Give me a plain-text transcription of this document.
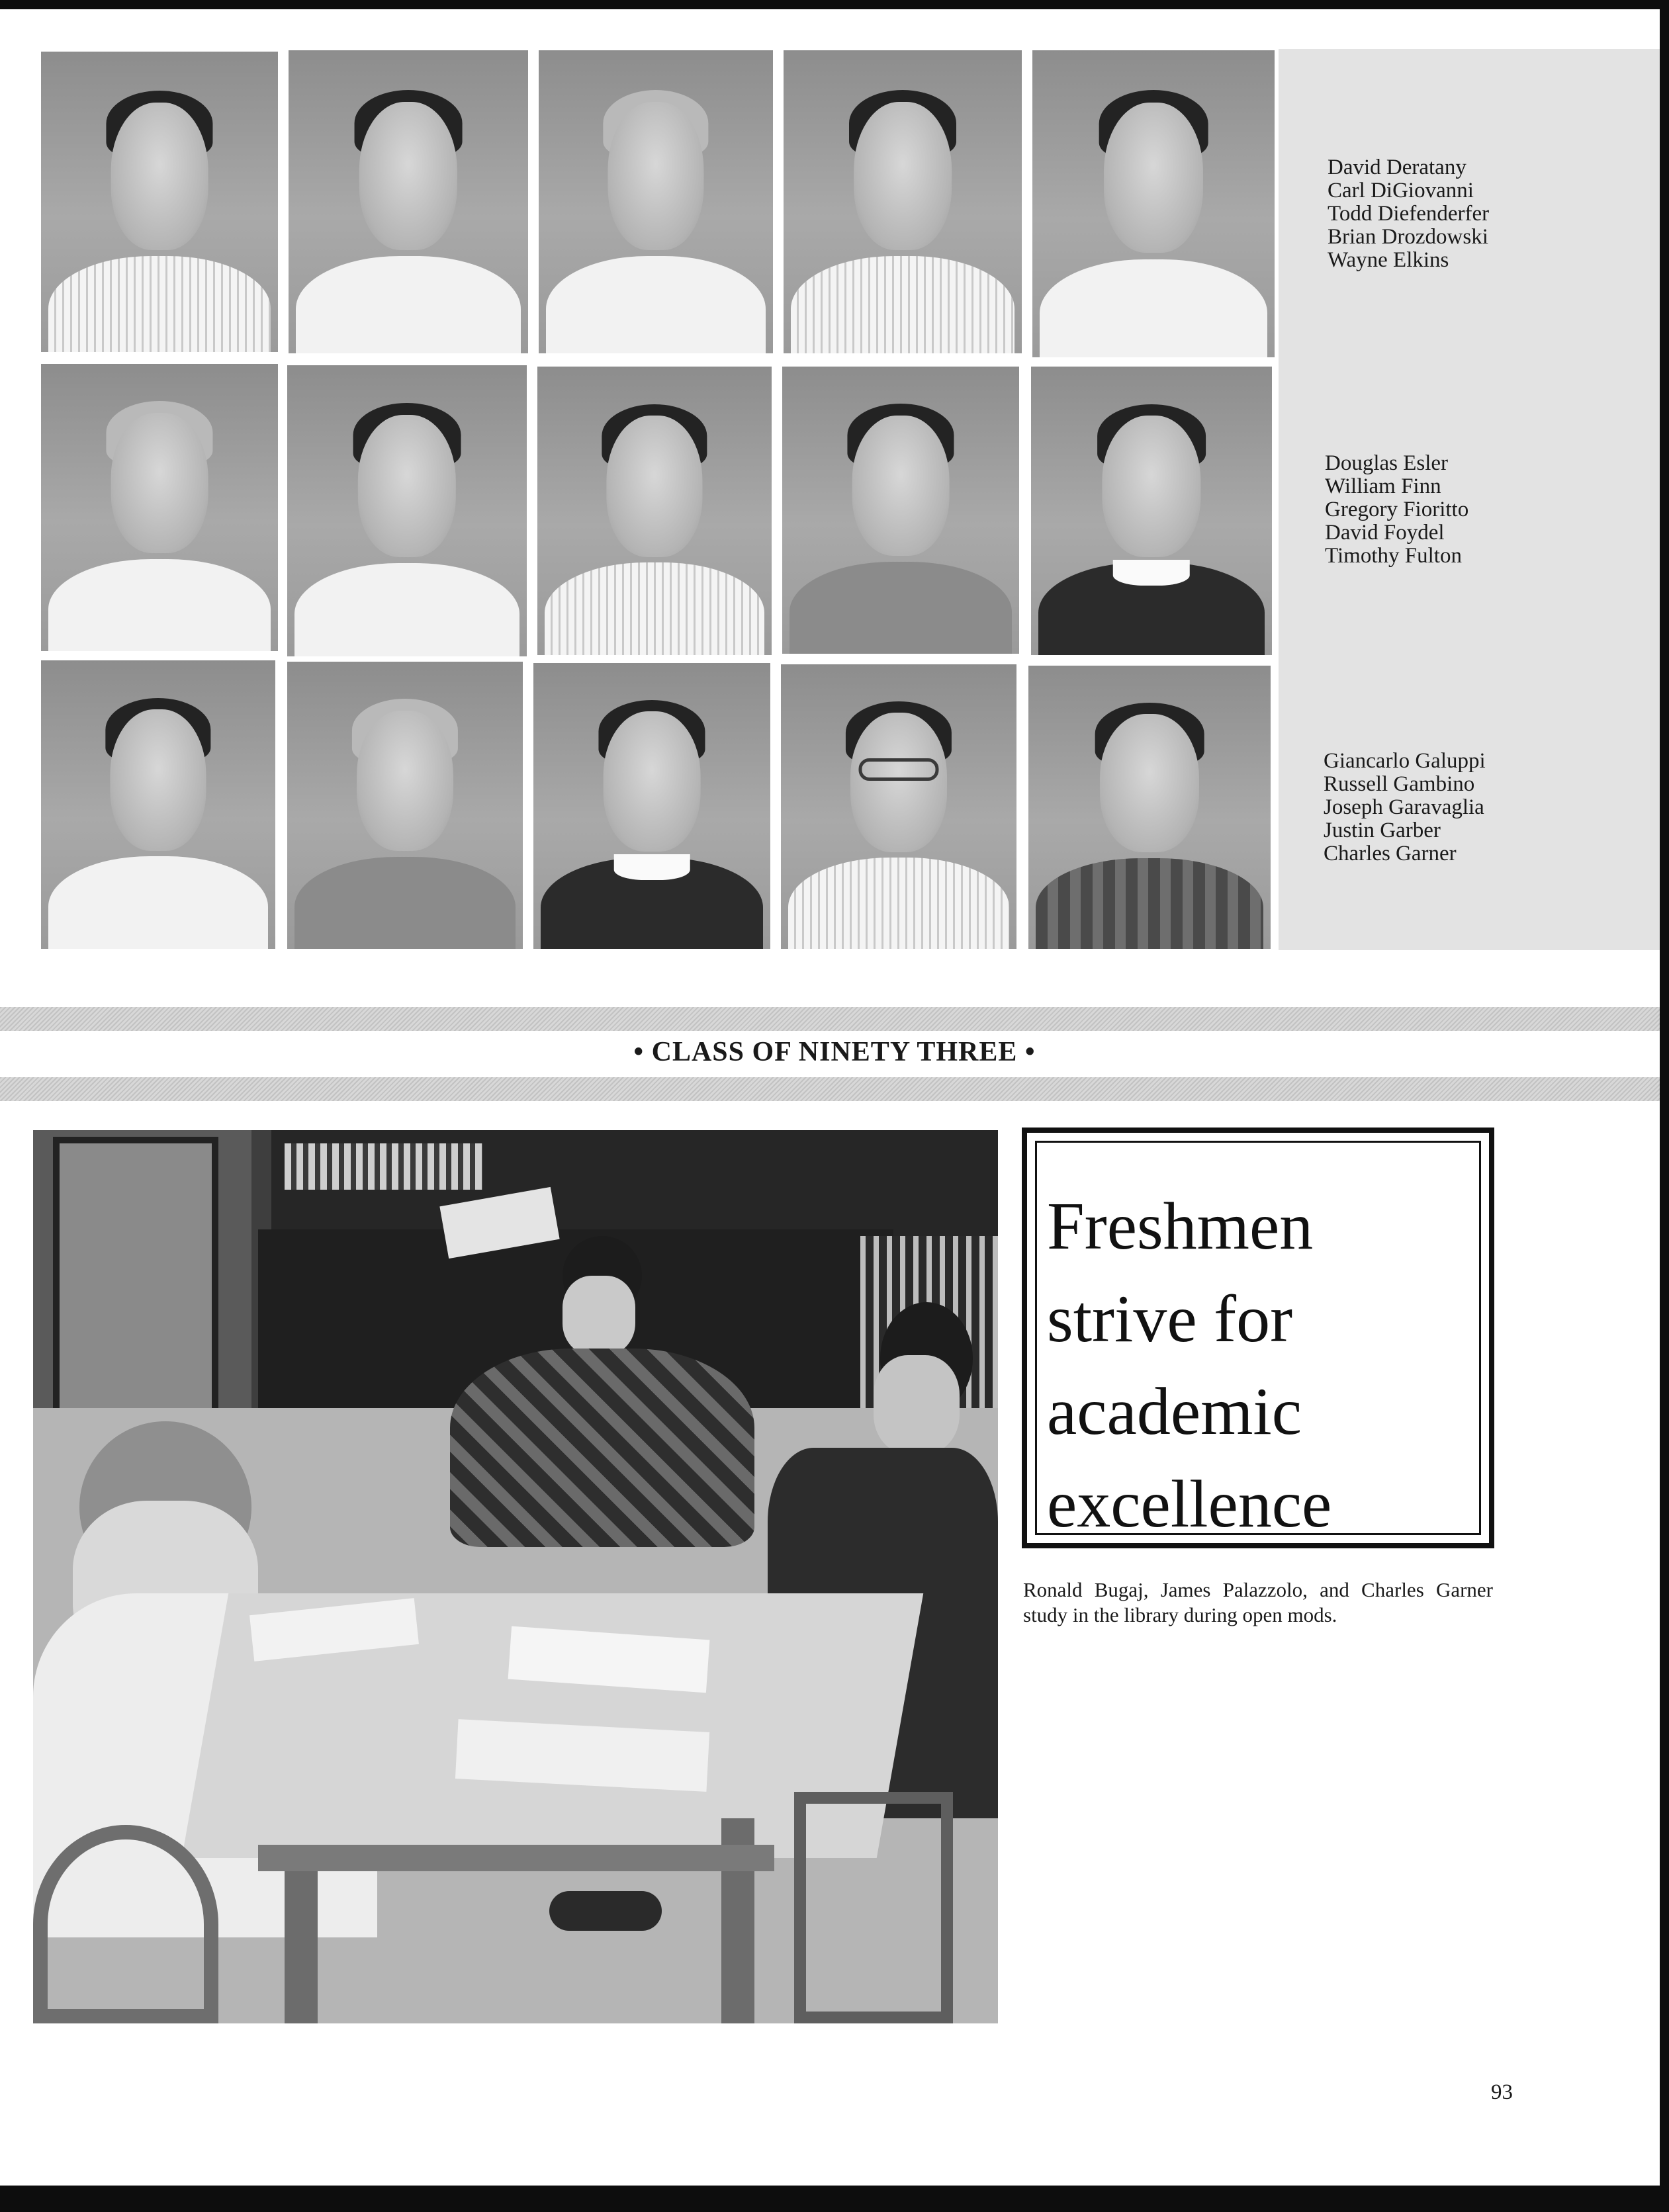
David Deratany
Carl DiGiovanni
Todd Diefenderfer
Brian Drozdowski
Wayne Elkins
Douglas Esler
William Finn
Gregory Fioritto
David Foydel
Timothy Fulton
Giancarlo Galuppi
Russell Gambino
Joseph Garavaglia
Justin Garber
Charles Garner
• CLASS OF NINETY THREE •
Freshmen
strive for
academic
excellence
Ronald Bugaj, James Palazzolo, and Charles Garner study in the library during open mods.
93
